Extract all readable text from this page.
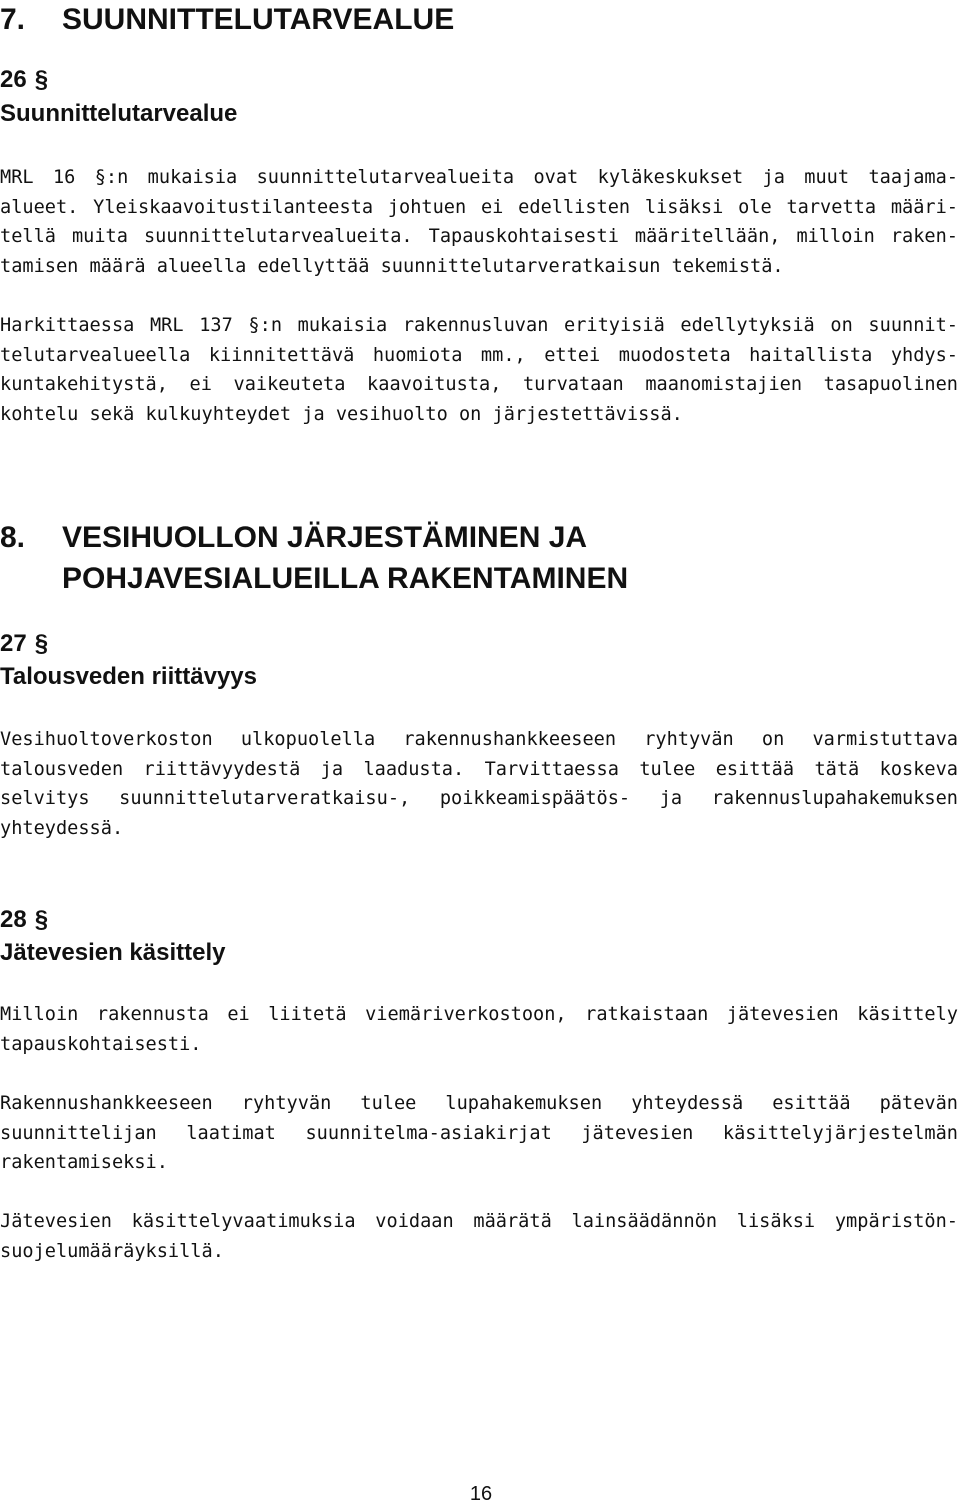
7. SUUNNITTELUTARVEALUE
26 §
Suunnittelutarvealue
MRL 16 §:n mukaisia suunnittelutarvealueita ovat kyläkeskukset ja muut taajama-
alueet. Yleiskaavoitustilanteesta johtuen ei edellisten lisäksi ole tarvetta määri-
tellä muita suunnittelutarvealueita. Tapauskohtaisesti määritellään, milloin raken-
tamisen määrä alueella edellyttää suunnittelutarveratkaisun tekemistä.
Harkittaessa MRL 137 §:n mukaisia rakennusluvan erityisiä edellytyksiä on suunnit-
telutarvealueella kiinnitettävä huomiota mm., ettei muodosteta haitallista yhdys-
kuntakehitystä, ei vaikeuteta kaavoitusta, turvataan maanomistajien tasapuolinen
kohtelu sekä kulkuyhteydet ja vesihuolto on järjestettävissä.
8. VESIHUOLLON JÄRJESTÄMINEN JA
POHJAVESIALUEILLA RAKENTAMINEN
27 §
Talousveden riittävyys
Vesihuoltoverkoston ulkopuolella rakennushankkeeseen ryhtyvän on varmistuttava
talousveden riittävyydestä ja laadusta. Tarvittaessa tulee esittää tätä koskeva
selvitys suunnittelutarveratkaisu-, poikkeamispäätös- ja rakennuslupahakemuksen
yhteydessä.
28 §
Jätevesien käsittely
Milloin rakennusta ei liitetä viemäriverkostoon, ratkaistaan jätevesien käsittely
tapauskohtaisesti.
Rakennushankkeeseen ryhtyvän tulee lupahakemuksen yhteydessä esittää pätevän
suunnittelijan laatimat suunnitelma-asiakirjat jätevesien käsittelyjärjestelmän
rakentamiseksi.
Jätevesien käsittelyvaatimuksia voidaan määrätä lainsäädännön lisäksi ympäristön-
suojelumääräyksillä.
16
